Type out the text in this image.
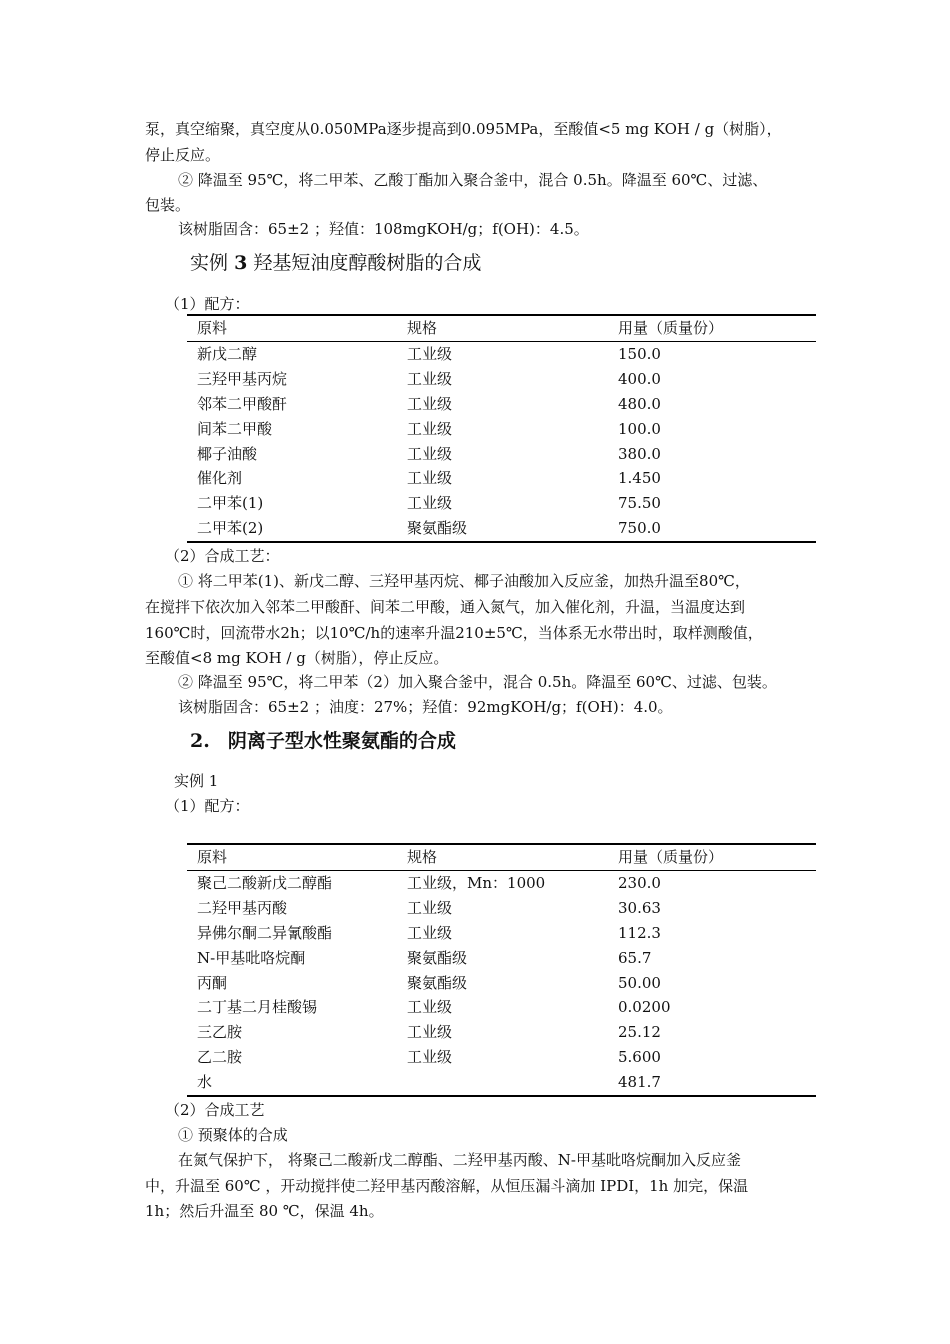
泵，真空缩聚，真空度从0.050MPa逐步提高到0.095MPa，至酸值<5 mg KOH / g（树脂），

停止反应。

② 降温至 95℃，将二甲苯、乙酸丁酯加入聚合釜中，混合 0.5h。降温至 60℃、过滤、

包装。

该树脂固含：65±2 ；羟值：108mgKOH/g；f(OH)：4.5。

实例 3 羟基短油度醇酸树脂的合成

（1）配方：

原料	规格	用量（质量份）
新戊二醇	工业级	150.0
三羟甲基丙烷	工业级	400.0
邻苯二甲酸酐	工业级	480.0
间苯二甲酸	工业级	100.0
椰子油酸	工业级	380.0
催化剂	工业级	1.450
二甲苯(1)	工业级	75.50
二甲苯(2)	聚氨酯级	750.0

（2）合成工艺：

① 将二甲苯(1)、新戊二醇、三羟甲基丙烷、椰子油酸加入反应釜，加热升温至80℃，

在搅拌下依次加入邻苯二甲酸酐、间苯二甲酸，通入氮气，加入催化剂，升温，当温度达到

160℃时，回流带水2h；以10℃/h的速率升温210±5℃，当体系无水带出时，取样测酸值，

至酸值<8 mg KOH / g（树脂），停止反应。

② 降温至 95℃，将二甲苯（2）加入聚合釜中，混合 0.5h。降温至 60℃、过滤、包装。

该树脂固含：65±2 ；油度：27%；羟值：92mgKOH/g；f(OH)：4.0。

2. 阴离子型水性聚氨酯的合成

实例 1

（1）配方：

原料	规格	用量（质量份）
聚己二酸新戊二醇酯	工业级，Mn：1000	230.0
二羟甲基丙酸	工业级	30.63
异佛尔酮二异氰酸酯	工业级	112.3
N-甲基吡咯烷酮	聚氨酯级	65.7
丙酮	聚氨酯级	50.00
二丁基二月桂酸锡	工业级	0.0200
三乙胺	工业级	25.12
乙二胺	工业级	5.600
水		481.7

（2）合成工艺

① 预聚体的合成

在氮气保护下， 将聚己二酸新戊二醇酯、二羟甲基丙酸、N-甲基吡咯烷酮加入反应釜

中，升温至 60℃ ，开动搅拌使二羟甲基丙酸溶解，从恒压漏斗滴加 IPDI，1h 加完，保温

1h；然后升温至 80 ℃，保温 4h。
